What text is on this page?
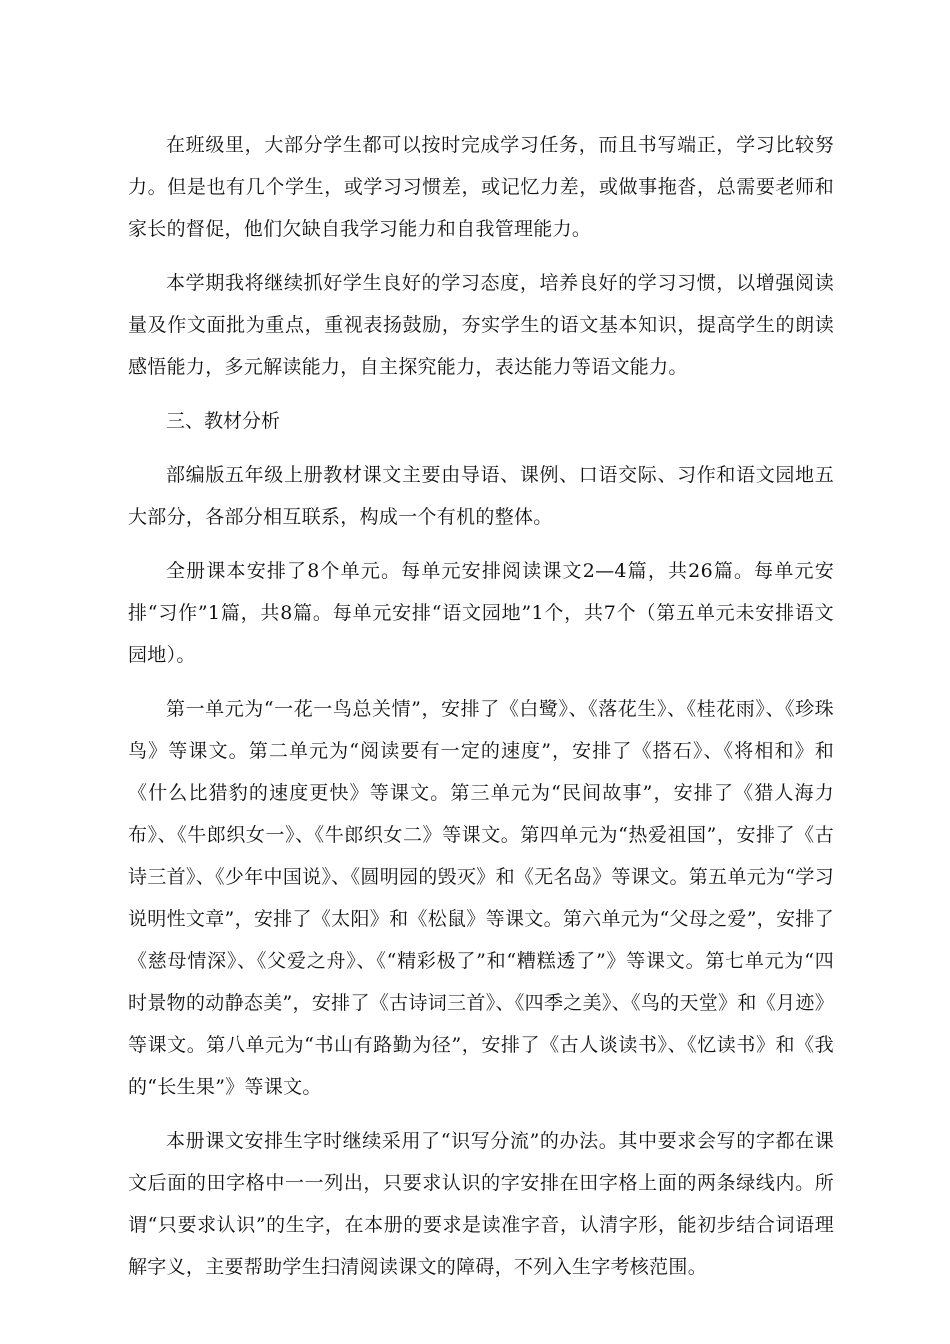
在班级里，大部分学生都可以按时完成学习任务，而且书写端正，学习比较努力。但是也有几个学生，或学习习惯差，或记忆力差，或做事拖沓，总需要老师和家长的督促，他们欠缺自我学习能力和自我管理能力。

本学期我将继续抓好学生良好的学习态度，培养良好的学习习惯，以增强阅读量及作文面批为重点，重视表扬鼓励，夯实学生的语文基本知识，提高学生的朗读感悟能力，多元解读能力，自主探究能力，表达能力等语文能力。

三、教材分析

部编版五年级上册教材课文主要由导语、课例、口语交际、习作和语文园地五大部分，各部分相互联系，构成一个有机的整体。

全册课本安排了8个单元。每单元安排阅读课文2—4篇，共26篇。每单元安排“习作”1篇，共8篇。每单元安排“语文园地”1个，共7个（第五单元未安排语文园地）。

第一单元为“一花一鸟总关情”，安排了《白鹭》、《落花生》、《桂花雨》、《珍珠鸟》等课文。第二单元为“阅读要有一定的速度”，安排了《搭石》、《将相和》和《什么比猎豹的速度更快》等课文。第三单元为“民间故事”，安排了《猎人海力布》、《牛郎织女一》、《牛郎织女二》等课文。第四单元为“热爱祖国”，安排了《古诗三首》、《少年中国说》、《圆明园的毁灭》和《无名岛》等课文。第五单元为“学习说明性文章”，安排了《太阳》和《松鼠》等课文。第六单元为“父母之爱”，安排了《慈母情深》、《父爱之舟》、《“精彩极了”和“糟糕透了”》等课文。第七单元为“四时景物的动静态美”，安排了《古诗词三首》、《四季之美》、《鸟的天堂》和《月迹》等课文。第八单元为“书山有路勤为径”，安排了《古人谈读书》、《忆读书》和《我的“长生果”》等课文。

本册课文安排生字时继续采用了“识写分流”的办法。其中要求会写的字都在课文后面的田字格中一一列出，只要求认识的字安排在田字格上面的两条绿线内。所谓“只要求认识”的生字，在本册的要求是读准字音，认清字形，能初步结合词语理解字义，主要帮助学生扫清阅读课文的障碍，不列入生字考核范围。
